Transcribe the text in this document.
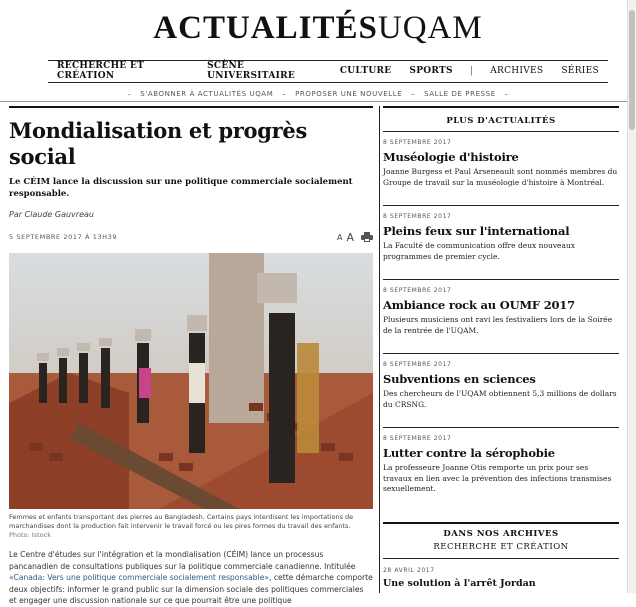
ACTUALITÉSUQAM
RECHERCHE ET CRÉATION
SCÈNE UNIVERSITAIRE	CULTURE SPORTS | ARCHIVES SÉRIES
– S'ABONNER À ACTUALITÉS UQAM – PROPOSER UNE NOUVELLE – SALLE DE PRESSE –
Mondialisation et progrès social

Le CÉIM lance la discussion sur une politique commerciale socialement responsable.

Par Claude Gauvreau

5 SEPTEMBRE 2017 À 13H39	A A

Femmes et enfants transportant des pierres au Bangladesh. Certains pays interdisent les importations de marchandises dont la production fait intervenir le travail forcé ou les pires formes du travail des enfants.

Photo: Istock

Le Centre d'études sur l'intégration et la mondialisation (CÉIM) lance un processus pancanadien de consultations publiques sur la politique commerciale canadienne. Intitulée «Canada: Vers une politique commerciale socialement responsable», cette démarche comporte deux objectifs: informer le grand public sur la dimension sociale des politiques commerciales et engager une discussion nationale sur ce que pourrait être une politique

PLUS D'ACTUALITÉS
8 SEPTEMBRE 2017
Muséologie d'histoire
Joanne Burgess et Paul Arseneault sont nommés membres du Groupe de travail sur la muséologie d'histoire à Montréal.
8 SEPTEMBRE 2017
Pleins feux sur l'international
La Faculté de communication offre deux nouveaux programmes de premier cycle.
8 SEPTEMBRE 2017
Ambiance rock au OUMF 2017
Plusieurs musiciens ont ravi les festivaliers lors de la Soirée de la rentrée de l'UQAM.
8 SEPTEMBRE 2017
Subventions en sciences
Des chercheurs de l'UQAM obtiennent 5,3 millions de dollars du CRSNG.
8 SEPTEMBRE 2017
Lutter contre la sérophobie
La professeure Joanne Otis remporte un prix pour ses travaux en lien avec la prévention des infections transmises sexuellement.
DANS NOS ARCHIVES
RECHERCHE ET CRÉATION
28 AVRIL 2017
Une solution à l'arrêt Jordan
